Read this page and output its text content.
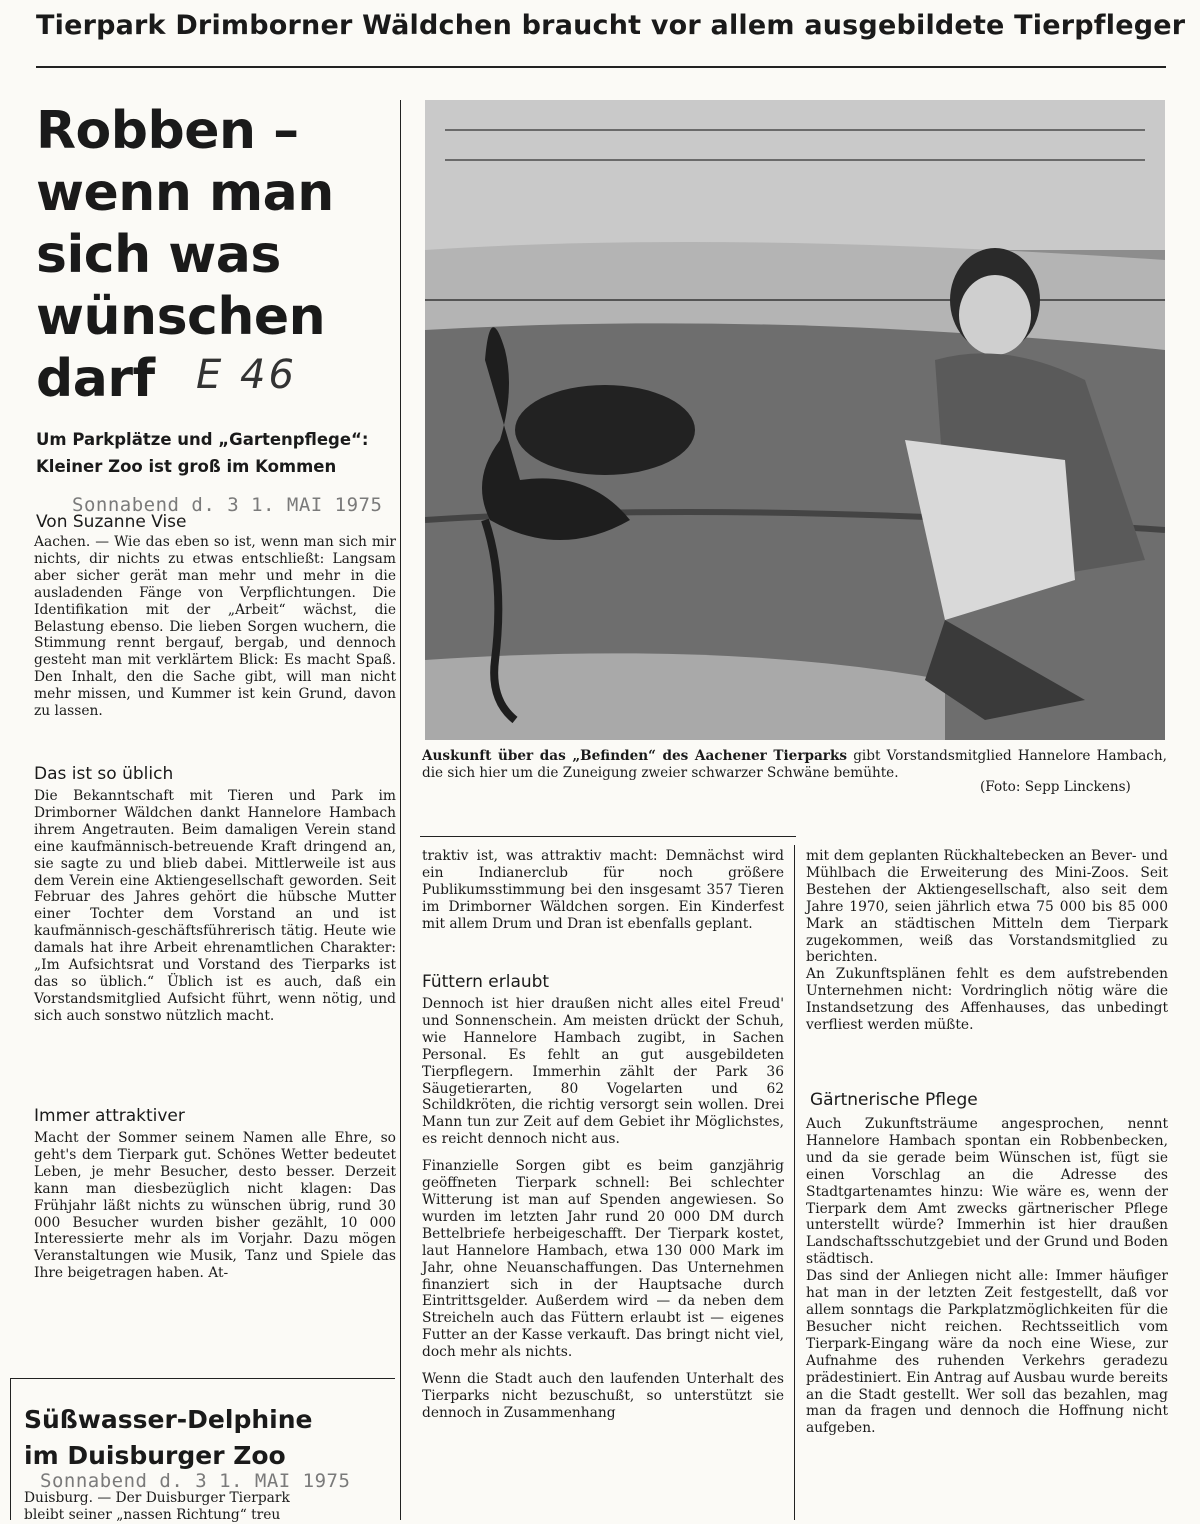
Tierpark Drimborner Wäldchen braucht vor allem ausgebildete Tierpfleger
Robben –
wenn man
sich was
wünschen
darf	E 46
Um Parkplätze und „Gartenpflege“:
Kleiner Zoo ist groß im Kommen
Sonnabend d. 3 1. MAI 1975
Von Suzanne Vise

Aachen. — Wie das eben so ist, wenn man sich mir nichts, dir nichts zu etwas entschließt: Langsam aber sicher gerät man mehr und mehr in die ausladenden Fänge von Verpflichtungen. Die Identifikation mit der „Arbeit“ wächst, die Belastung ebenso. Die lieben Sorgen wuchern, die Stimmung rennt bergauf, bergab, und dennoch gesteht man mit verklärtem Blick: Es macht Spaß. Den Inhalt, den die Sache gibt, will man nicht mehr missen, und Kummer ist kein Grund, davon zu lassen.

Das ist so üblich

Die Bekanntschaft mit Tieren und Park im Drimborner Wäldchen dankt Hannelore Hambach ihrem Angetrauten. Beim damaligen Verein stand eine kaufmännisch-betreuende Kraft dringend an, sie sagte zu und blieb dabei. Mittlerweile ist aus dem Verein eine Aktiengesellschaft geworden. Seit Februar des Jahres gehört die hübsche Mutter einer Tochter dem Vorstand an und ist kaufmännisch-geschäftsführerisch tätig. Heute wie damals hat ihre Arbeit ehrenamtlichen Charakter: „Im Aufsichtsrat und Vorstand des Tierparks ist das so üblich.“ Üblich ist es auch, daß ein Vorstandsmitglied Aufsicht führt, wenn nötig, und sich auch sonstwo nützlich macht.

Immer attraktiver

Macht der Sommer seinem Namen alle Ehre, so geht's dem Tierpark gut. Schönes Wetter bedeutet Leben, je mehr Besucher, desto besser. Derzeit kann man diesbezüglich nicht klagen: Das Frühjahr läßt nichts zu wünschen übrig, rund 30 000 Besucher wurden bisher gezählt, 10 000 Interessierte mehr als im Vorjahr. Dazu mögen Veranstaltungen wie Musik, Tanz und Spiele das Ihre beigetragen haben. At-

Auskunft über das „Befinden“ des Aachener Tierparks gibt Vorstandsmitglied Hannelore Hambach, die sich hier um die Zuneigung zweier schwarzer Schwäne bemühte.
(Foto: Sepp Linckens)

traktiv ist, was attraktiv macht: Demnächst wird ein Indianerclub für noch größere Publikumsstimmung bei den insgesamt 357 Tieren im Drimborner Wäldchen sorgen. Ein Kinderfest mit allem Drum und Dran ist ebenfalls geplant.

Füttern erlaubt

Dennoch ist hier draußen nicht alles eitel Freud' und Sonnenschein. Am meisten drückt der Schuh, wie Hannelore Hambach zugibt, in Sachen Personal. Es fehlt an gut ausgebildeten Tierpflegern. Immerhin zählt der Park 36 Säugetierarten, 80 Vogelarten und 62 Schildkröten, die richtig versorgt sein wollen. Drei Mann tun zur Zeit auf dem Gebiet ihr Möglichstes, es reicht dennoch nicht aus.

Finanzielle Sorgen gibt es beim ganzjährig geöffneten Tierpark schnell: Bei schlechter Witterung ist man auf Spenden angewiesen. So wurden im letzten Jahr rund 20 000 DM durch Bettelbriefe herbeigeschafft. Der Tierpark kostet, laut Hannelore Hambach, etwa 130 000 Mark im Jahr, ohne Neuanschaffungen. Das Unternehmen finanziert sich in der Hauptsache durch Eintrittsgelder. Außerdem wird — da neben dem Streicheln auch das Füttern erlaubt ist — eigenes Futter an der Kasse verkauft. Das bringt nicht viel, doch mehr als nichts.

Wenn die Stadt auch den laufenden Unterhalt des Tierparks nicht bezuschußt, so unterstützt sie dennoch in Zusammenhang

mit dem geplanten Rückhaltebecken an Bever- und Mühlbach die Erweiterung des Mini-Zoos. Seit Bestehen der Aktiengesellschaft, also seit dem Jahre 1970, seien jährlich etwa 75 000 bis 85 000 Mark an städtischen Mitteln dem Tierpark zugekommen, weiß das Vorstandsmitglied zu berichten.

An Zukunftsplänen fehlt es dem aufstrebenden Unternehmen nicht: Vordringlich nötig wäre die Instandsetzung des Affenhauses, das unbedingt verfliest werden müßte.

Gärtnerische Pflege

Auch Zukunftsträume angesprochen, nennt Hannelore Hambach spontan ein Robbenbecken, und da sie gerade beim Wünschen ist, fügt sie einen Vorschlag an die Adresse des Stadtgartenamtes hinzu: Wie wäre es, wenn der Tierpark dem Amt zwecks gärtnerischer Pflege unterstellt würde? Immerhin ist hier draußen Landschaftsschutzgebiet und der Grund und Boden städtisch.

Das sind der Anliegen nicht alle: Immer häufiger hat man in der letzten Zeit festgestellt, daß vor allem sonntags die Parkplatzmöglichkeiten für die Besucher nicht reichen. Rechtsseitlich vom Tierpark-Eingang wäre da noch eine Wiese, zur Aufnahme des ruhenden Verkehrs geradezu prädestiniert. Ein Antrag auf Ausbau wurde bereits an die Stadt gestellt. Wer soll das bezahlen, mag man da fragen und dennoch die Hoffnung nicht aufgeben.

Süßwasser-Delphine
im Duisburger Zoo
Sonnabend d. 3 1. MAI 1975
Duisburg. — Der Duisburger Tierpark
bleibt seiner „nassen Richtung“ treu
